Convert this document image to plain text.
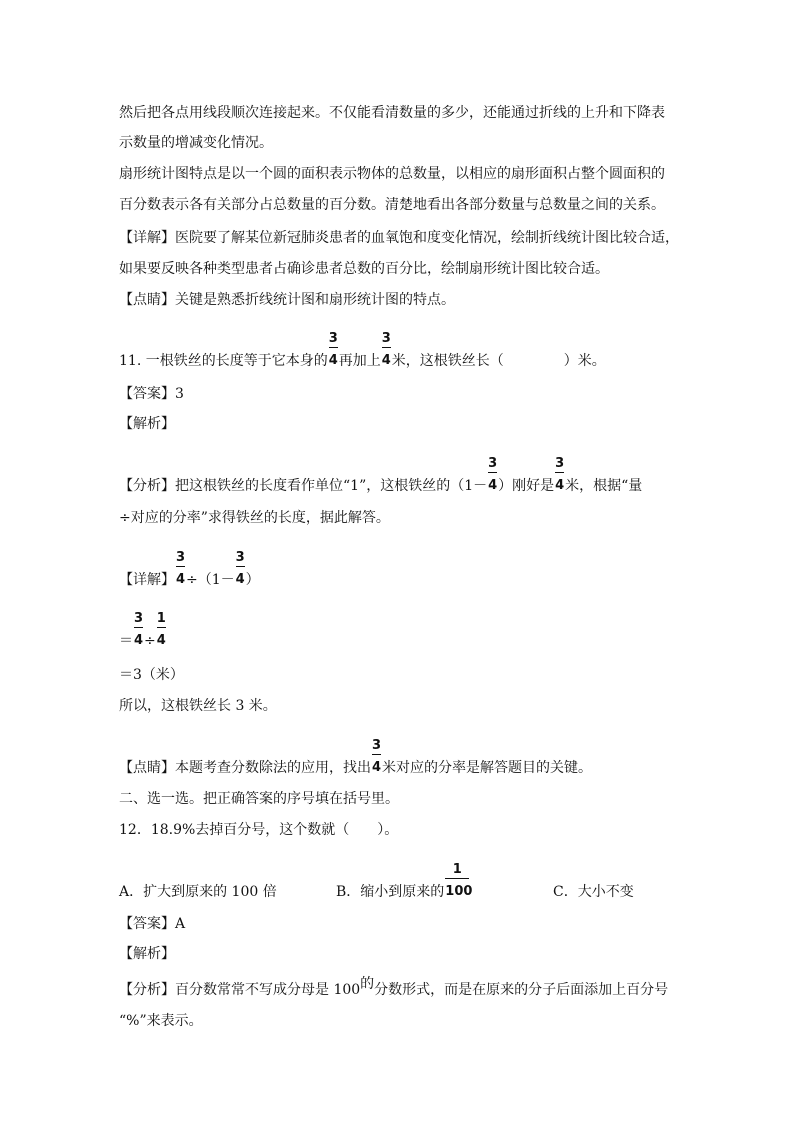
然后把各点用线段顺次连接起来。不仅能看清数量的多少，还能通过折线的上升和下降表
示数量的增减变化情况。
扇形统计图特点是以一个圆的面积表示物体的总数量，以相应的扇形面积占整个圆面积的
百分数表示各有关部分占总数量的百分数。清楚地看出各部分数量与总数量之间的关系。
【详解】医院要了解某位新冠肺炎患者的血氧饱和度变化情况，绘制折线统计图比较合适，
如果要反映各种类型患者占确诊患者总数的百分比，绘制扇形统计图比较合适。
【点睛】关键是熟悉折线统计图和扇形统计图的特点。
11. 一根铁丝的长度等于它本身的 $\frac{3}{4}$ 再加上 $\frac{3}{4}$ 米，这根铁丝长（	）米。
【答案】3
【解析】
【分析】把这根铁丝的长度看作单位“1”，这根铁丝的（$1- \frac{3}{4}$ ）刚好是 $\frac{3}{4}$ 米，根据“量
÷对应的分率”求得铁丝的长度，据此解答。
【详解】 $\frac{3}{4} \div(1- \frac{3}{4}$ ）
＝ $\frac{3}{4} \div \frac{1}{4}$
＝3（米）
所以，这根铁丝长 3 米。
【点睛】本题考查分数除法的应用，找出 $\frac{3}{4}$ 米对应的分率是解答题目的关键。
二、选一选。把正确答案的序号填在括号里。
12．18.9%去掉百分号，这个数就（　　）。
A．扩大到原来的 100 倍	B．缩小到原来的 $\frac{1}{100}$	C．大小不变
【答案】A
【解析】
【分析】百分数常常不写成分母是 100的分数形式，而是在原来的分子后面添加上百分号
“%”来表示。
